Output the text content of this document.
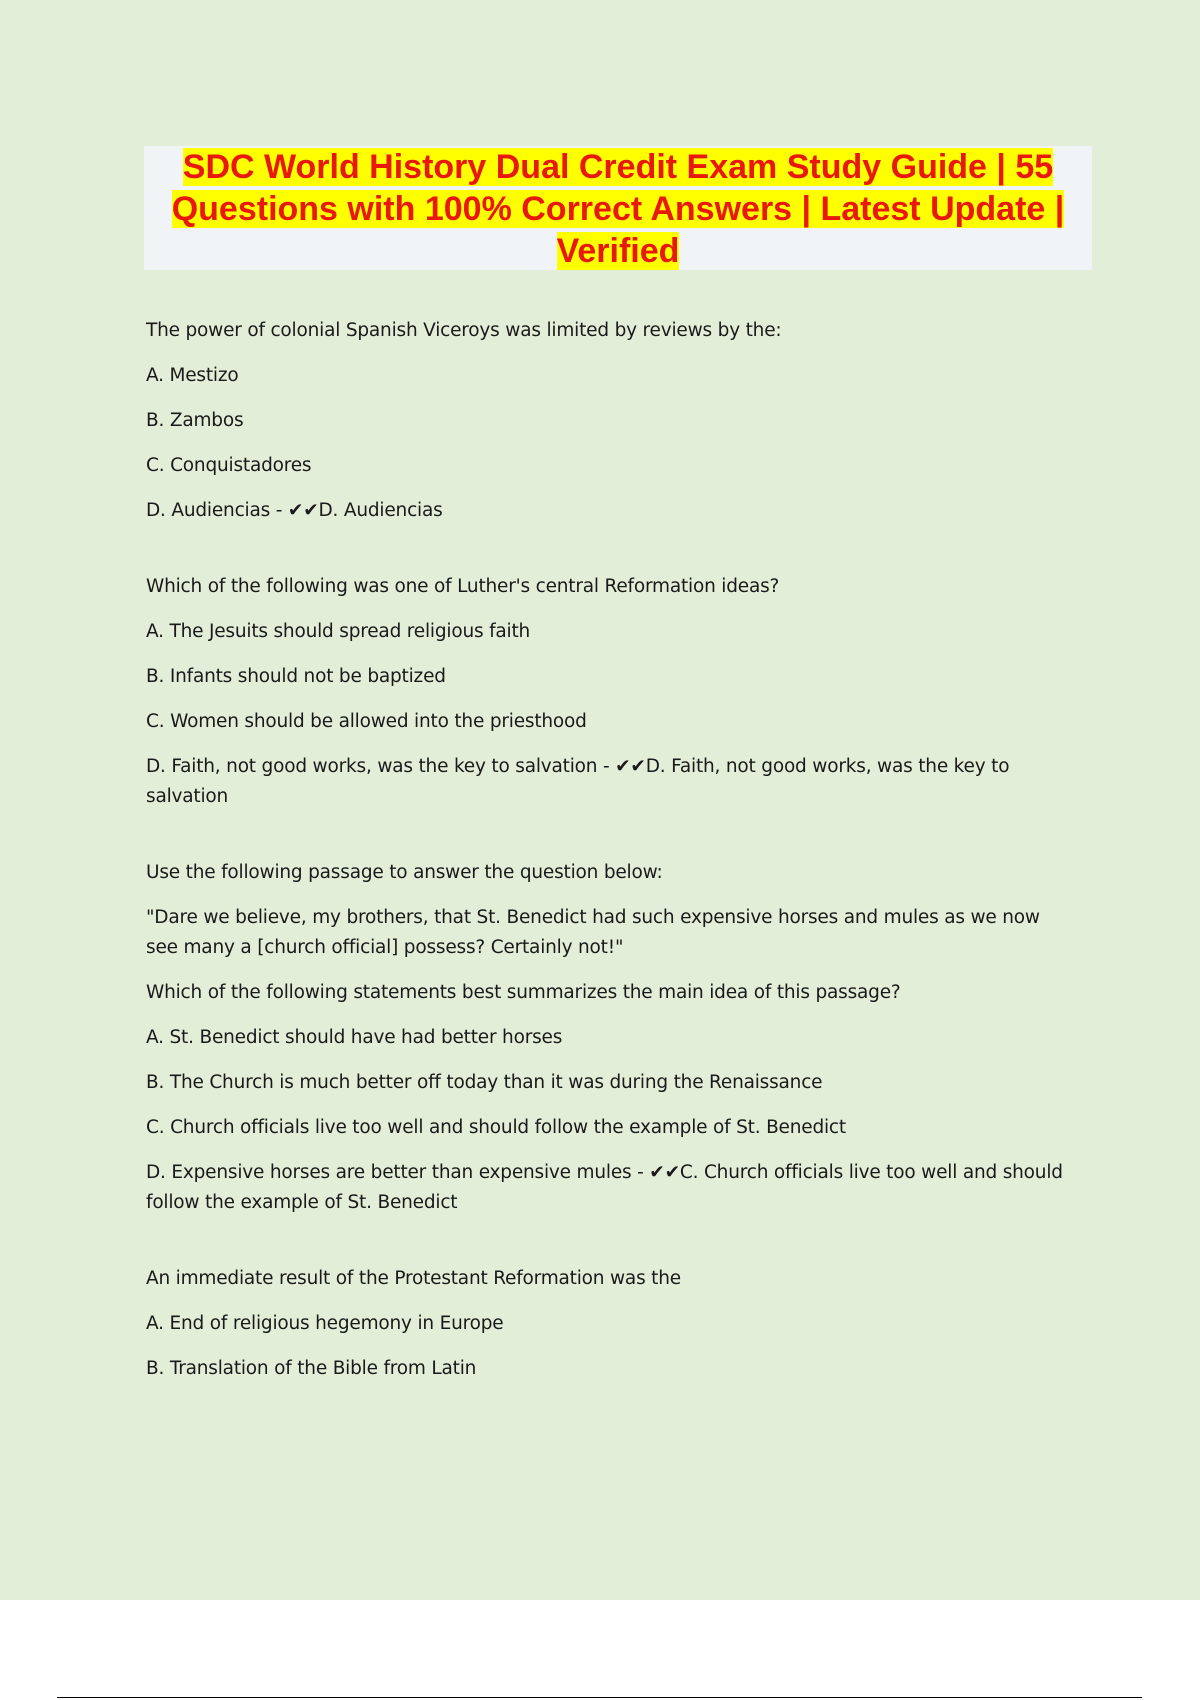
SDC World History Dual Credit Exam Study Guide | 55 Questions with 100% Correct Answers | Latest Update | Verified

The power of colonial Spanish Viceroys was limited by reviews by the:

A. Mestizo

B. Zambos

C. Conquistadores

D. Audiencias - ✔✔D. Audiencias

Which of the following was one of Luther's central Reformation ideas?

A. The Jesuits should spread religious faith

B. Infants should not be baptized

C. Women should be allowed into the priesthood

D. Faith, not good works, was the key to salvation - ✔✔D. Faith, not good works, was the key to salvation

Use the following passage to answer the question below:

"Dare we believe, my brothers, that St. Benedict had such expensive horses and mules as we now see many a [church official] possess? Certainly not!"

Which of the following statements best summarizes the main idea of this passage?

A. St. Benedict should have had better horses

B. The Church is much better off today than it was during the Renaissance

C. Church officials live too well and should follow the example of St. Benedict

D. Expensive horses are better than expensive mules - ✔✔C. Church officials live too well and should follow the example of St. Benedict

An immediate result of the Protestant Reformation was the

A. End of religious hegemony in Europe

B. Translation of the Bible from Latin
